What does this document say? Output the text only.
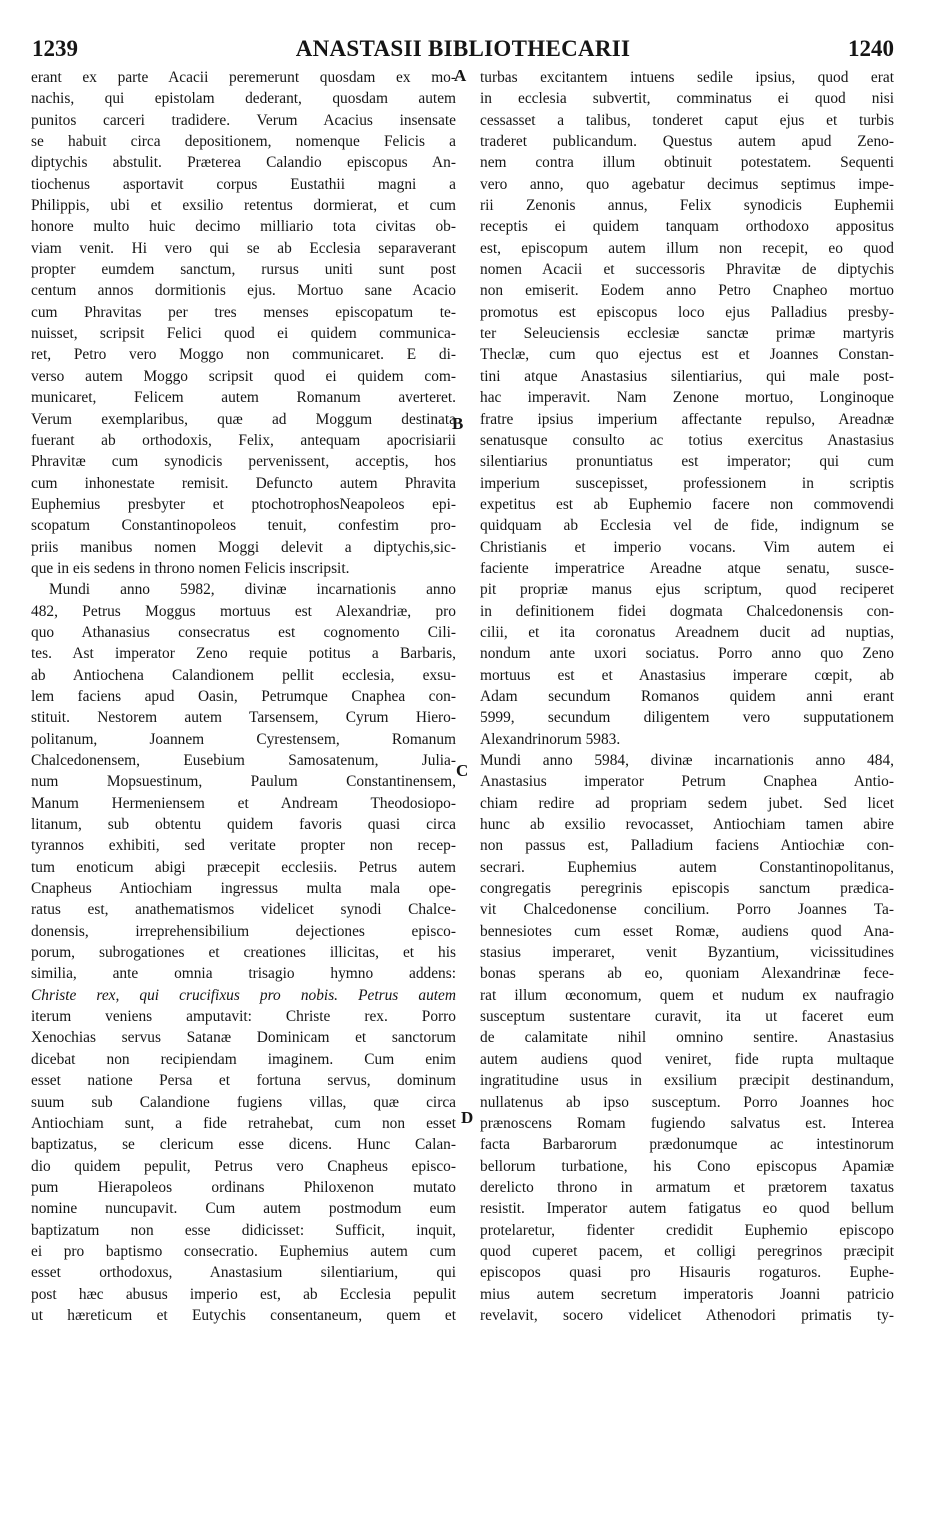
1239	ANASTASII BIBLIOTHECARII	1240
A
B
C
D
erant ex parte Acacii peremerunt quosdam ex mo-
nachis, qui epistolam dederant, quosdam autem
punitos carceri tradidere. Verum Acacius insensate
se habuit circa depositionem, nomenque Felicis a
diptychis abstulit. Præterea Calandio episcopus An-
tiochenus asportavit corpus Eustathii magni a
Philippis, ubi et exsilio retentus dormierat, et cum
honore multo huic decimo milliario tota civitas ob-
viam venit. Hi vero qui se ab Ecclesia separaverant
propter eumdem sanctum, rursus uniti sunt post
centum annos dormitionis ejus. Mortuo sane Acacio
cum Phravitas per tres menses episcopatum te-
nuisset, scripsit Felici quod ei quidem communica-
ret, Petro vero Moggo non communicaret. E di-
verso autem Moggo scripsit quod ei quidem com-
municaret, Felicem autem Romanum averteret.
Verum exemplaribus, quæ ad Moggum destinata
fuerant ab orthodoxis, Felix, antequam apocrisiarii
Phravitæ cum synodicis pervenissent, acceptis, hos
cum inhonestate remisit. Defuncto autem Phravita
Euphemius presbyter et ptochotrophosNeapoleos epi-
scopatum Constantinopoleos tenuit, confestim pro-
priis manibus nomen Moggi delevit a diptychis,sic-
que in eis sedens in throno nomen Felicis inscripsit.
Mundi anno 5982, divinæ incarnationis anno
482, Petrus Moggus mortuus est Alexandriæ, pro
quo Athanasius consecratus est cognomento Cili-
tes. Ast imperator Zeno requie potitus a Barbaris,
ab Antiochena Calandionem pellit ecclesia, exsu-
lem faciens apud Oasin, Petrumque Cnaphea con-
stituit. Nestorem autem Tarsensem, Cyrum Hiero-
politanum, Joannem Cyrestensem, Romanum
Chalcedonensem, Eusebium Samosatenum, Julia-
num Mopsuestinum, Paulum Constantinensem,
Manum Hermeniensem et Andream Theodosiopo-
litanum, sub obtentu quidem favoris quasi circa
tyrannos exhibiti, sed veritate propter non recep-
tum enoticum abigi præcepit ecclesiis. Petrus autem
Cnapheus Antiochiam ingressus multa mala ope-
ratus est, anathematismos videlicet synodi Chalce-
donensis, irreprehensibilium dejectiones episco-
porum, subrogationes et creationes illicitas, et his
similia, ante omnia trisagio hymno addens:
Christe rex, qui crucifixus pro nobis. Petrus autem
iterum veniens amputavit: Christe rex. Porro
Xenochias servus Satanæ Dominicam et sanctorum
dicebat non recipiendam imaginem. Cum enim
esset natione Persa et fortuna servus, dominum
suum sub Calandione fugiens villas, quæ circa
Antiochiam sunt, a fide retrahebat, cum non esset
baptizatus, se clericum esse dicens. Hunc Calan-
dio quidem pepulit, Petrus vero Cnapheus episco-
pum Hierapoleos ordinans Philoxenon mutato
nomine nuncupavit. Cum autem postmodum eum
baptizatum non esse didicisset: Sufficit, inquit,
ei pro baptismo consecratio. Euphemius autem cum
esset orthodoxus, Anastasium silentiarium, qui
post hæc abusus imperio est, ab Ecclesia pepulit
ut hæreticum et Eutychis consentaneum, quem et
turbas excitantem intuens sedile ipsius, quod erat
in ecclesia subvertit, comminatus ei quod nisi
cessasset a talibus, tonderet caput ejus et turbis
traderet publicandum. Questus autem apud Zeno-
nem contra illum obtinuit potestatem. Sequenti
vero anno, quo agebatur decimus septimus impe-
rii Zenonis annus, Felix synodicis Euphemii
receptis ei quidem tanquam orthodoxo appositus
est, episcopum autem illum non recepit, eo quod
nomen Acacii et successoris Phravitæ de diptychis
non emiserit. Eodem anno Petro Cnapheo mortuo
promotus est episcopus loco ejus Palladius presby-
ter Seleuciensis ecclesiæ sanctæ primæ martyris
Theclæ, cum quo ejectus est et Joannes Constan-
tini atque Anastasius silentiarius, qui male post-
hac imperavit. Nam Zenone mortuo, Longinoque
fratre ipsius imperium affectante repulso, Areadnæ
senatusque consulto ac totius exercitus Anastasius
silentiarius pronuntiatus est imperator; qui cum
imperium suscepisset, professionem in scriptis
expetitus est ab Euphemio facere non commovendi
quidquam ab Ecclesia vel de fide, indignum se
Christianis et imperio vocans. Vim autem ei
faciente imperatrice Areadne atque senatu, susce-
pit propriæ manus ejus scriptum, quod reciperet
in definitionem fidei dogmata Chalcedonensis con-
cilii, et ita coronatus Areadnem ducit ad nuptias,
nondum ante uxori sociatus. Porro anno quo Zeno
mortuus est et Anastasius imperare cœpit, ab
Adam secundum Romanos quidem anni erant
5999, secundum diligentem vero supputationem
Alexandrinorum 5983.
Mundi anno 5984, divinæ incarnationis anno 484,
Anastasius imperator Petrum Cnaphea Antio-
chiam redire ad propriam sedem jubet. Sed licet
hunc ab exsilio revocasset, Antiochiam tamen abire
non passus est, Palladium faciens Antiochiæ con-
secrari. Euphemius autem Constantinopolitanus,
congregatis peregrinis episcopis sanctum prædica-
vit Chalcedonense concilium. Porro Joannes Ta-
bennesiotes cum esset Romæ, audiens quod Ana-
stasius imperaret, venit Byzantium, vicissitudines
bonas sperans ab eo, quoniam Alexandrinæ fece-
rat illum œconomum, quem et nudum ex naufragio
susceptum sustentare curavit, ita ut faceret eum
de calamitate nihil omnino sentire. Anastasius
autem audiens quod veniret, fide rupta multaque
ingratitudine usus in exsilium præcipit destinandum,
nullatenus ab ipso susceptum. Porro Joannes hoc
prænoscens Romam fugiendo salvatus est. Interea
facta Barbarorum prædonumque ac intestinorum
bellorum turbatione, his Cono episcopus Apamiæ
derelicto throno in armatum et prætorem taxatus
resistit. Imperator autem fatigatus eo quod bellum
protelaretur, fidenter credidit Euphemio episcopo
quod cuperet pacem, et colligi peregrinos præcipit
episcopos quasi pro Hisauris rogaturos. Euphe-
mius autem secretum imperatoris Joanni patricio
revelavit, socero videlicet Athenodori primatis ty-
